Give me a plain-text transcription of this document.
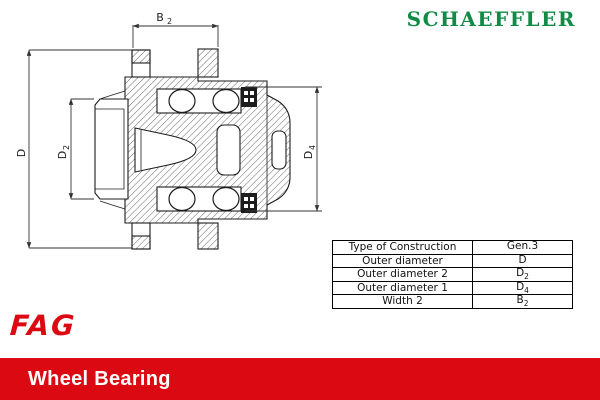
SCHAEFFLER
B 2
D	D
2
D
4
Type of Construction	Gen.3
Outer diameter	D
Outer diameter 2	$D_2$
Outer diameter 1	$D_4$
Width 2	$B_2$
FAG
Wheel Bearing
